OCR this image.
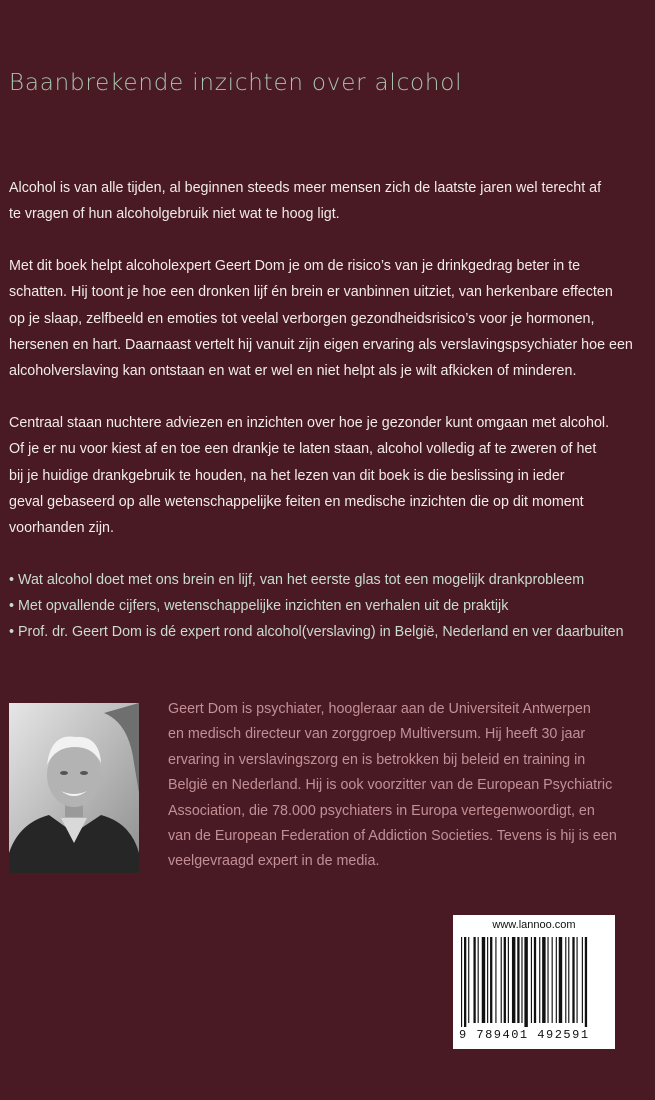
Baanbrekende inzichten over alcohol
Alcohol is van alle tijden, al beginnen steeds meer mensen zich de laatste jaren wel terecht af
te vragen of hun alcoholgebruik niet wat te hoog ligt.
Met dit boek helpt alcoholexpert Geert Dom je om de risico’s van je drinkgedrag beter in te
schatten. Hij toont je hoe een dronken lijf én brein er vanbinnen uitziet, van herkenbare effecten
op je slaap, zelfbeeld en emoties tot veelal verborgen gezondheidsrisico’s voor je hormonen,
hersenen en hart. Daarnaast vertelt hij vanuit zijn eigen ervaring als verslavingspsychiater hoe een
alcoholverslaving kan ontstaan en wat er wel en niet helpt als je wilt afkicken of minderen.
Centraal staan nuchtere adviezen en inzichten over hoe je gezonder kunt omgaan met alcohol.
Of je er nu voor kiest af en toe een drankje te laten staan, alcohol volledig af te zweren of het
bij je huidige drankgebruik te houden, na het lezen van dit boek is die beslissing in ieder
geval gebaseerd op alle wetenschappelijke feiten en medische inzichten die op dit moment
voorhanden zijn.
• Wat alcohol doet met ons brein en lijf, van het eerste glas tot een mogelijk drankprobleem
• Met opvallende cijfers, wetenschappelijke inzichten en verhalen uit de praktijk
• Prof. dr. Geert Dom is dé expert rond alcohol(verslaving) in België, Nederland en ver daarbuiten
Geert Dom is psychiater, hoogleraar aan de Universiteit Antwerpen
en medisch directeur van zorggroep Multiversum. Hij heeft 30 jaar
ervaring in verslavingszorg en is betrokken bij beleid en training in
België en Nederland. Hij is ook voorzitter van de European Psychiatric
Association, die 78.000 psychiaters in Europa vertegenwoordigt, en
van de European Federation of Addiction Societies. Tevens is hij is een
veelgevraagd expert in de media.
www.lannoo.com
9 789401 492591
